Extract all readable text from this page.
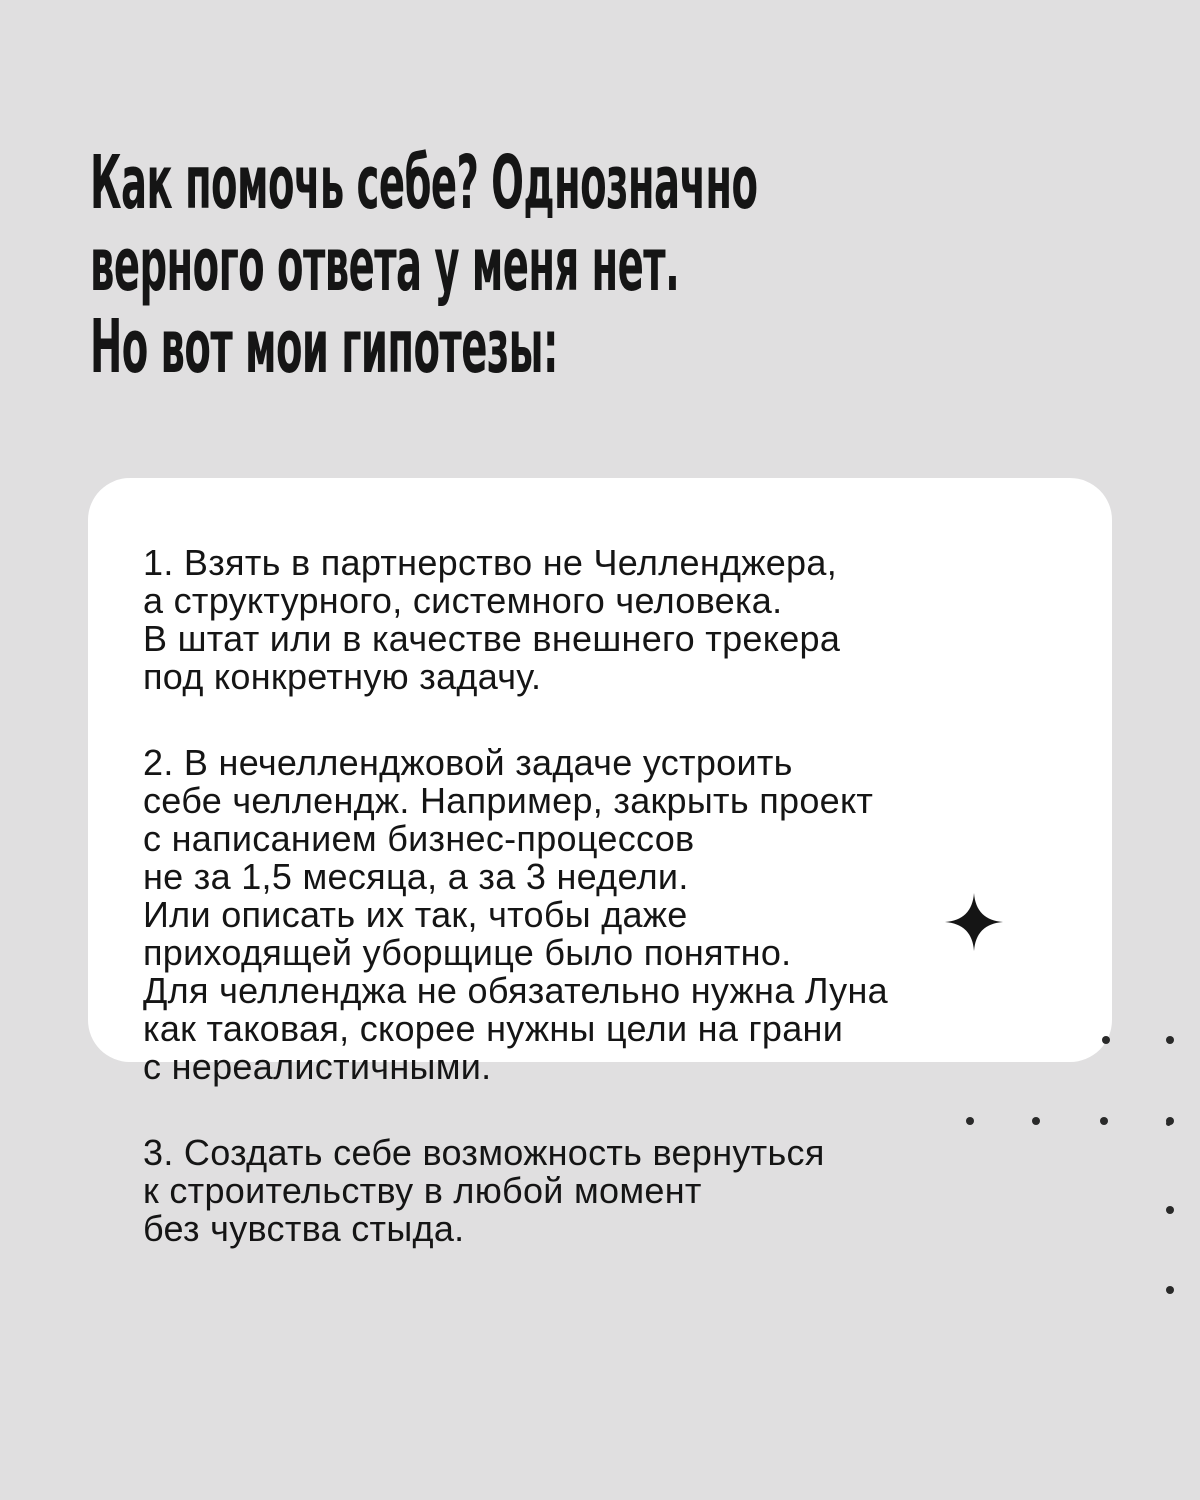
Как помочь себе? Однозначно
верного ответа у меня нет.
Но вот мои гипотезы:

1. Взять в партнерство не Челленджера,
а структурного, системного человека.
В штат или в качестве внешнего трекера
под конкретную задачу.

2. В нечелленджовой задаче устроить
себе челлендж. Например, закрыть проект
с написанием бизнес-процессов
не за 1,5 месяца, а за 3 недели.
Или описать их так, чтобы даже
приходящей уборщице было понятно.
Для челленджа не обязательно нужна Луна
как таковая, скорее нужны цели на грани
с нереалистичными.

3. Создать себе возможность вернуться
к строительству в любой момент
без чувства стыда.
